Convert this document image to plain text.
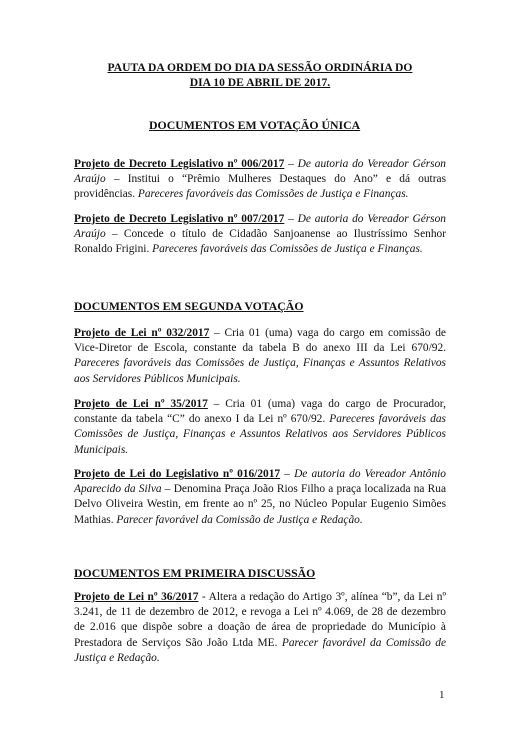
PAUTA DA ORDEM DO DIA DA SESSÃO ORDINÁRIA DO
DIA 10 DE ABRIL DE 2017.
DOCUMENTOS EM VOTAÇÃO ÚNICA
Projeto de Decreto Legislativo nº 006/2017 – De autoria do Vereador Gérson Araújo – Institui o “Prêmio Mulheres Destaques do Ano” e dá outras providências. Pareceres favoráveis das Comissões de Justiça e Finanças.
Projeto de Decreto Legislativo nº 007/2017 – De autoria do Vereador Gérson Araújo – Concede o título de Cidadão Sanjoanense ao Ilustríssimo Senhor Ronaldo Frigini. Pareceres favoráveis das Comissões de Justiça e Finanças.
DOCUMENTOS EM SEGUNDA VOTAÇÃO
Projeto de Lei nº 032/2017 – Cria 01 (uma) vaga do cargo em comissão de Vice-Diretor de Escola, constante da tabela B do anexo III da Lei 670/92. Pareceres favoráveis das Comissões de Justiça, Finanças e Assuntos Relativos aos Servidores Públicos Municipais.
Projeto de Lei nº 35/2017 – Cria 01 (uma) vaga do cargo de Procurador, constante da tabela “C” do anexo I da Lei nº 670/92. Pareceres favoráveis das Comissões de Justiça, Finanças e Assuntos Relativos aos Servidores Públicos Municipais.
Projeto de Lei do Legislativo nº 016/2017 – De autoria do Vereador Antônio Aparecido da Silva – Denomina Praça João Rios Filho a praça localizada na Rua Delvo Oliveira Westin, em frente ao nº 25, no Núcleo Popular Eugenio Simões Mathias. Parecer favorável da Comissão de Justiça e Redação.
DOCUMENTOS EM PRIMEIRA DISCUSSÃO
Projeto de Lei nº 36/2017 - Altera a redação do Artigo 3º, alínea “b”, da Lei nº 3.241, de 11 de dezembro de 2012, e revoga a Lei nº 4.069, de 28 de dezembro de 2.016 que dispõe sobre a doação de área de propriedade do Município à Prestadora de Serviços São João Ltda ME. Parecer favorável da Comissão de Justiça e Redação.
1
